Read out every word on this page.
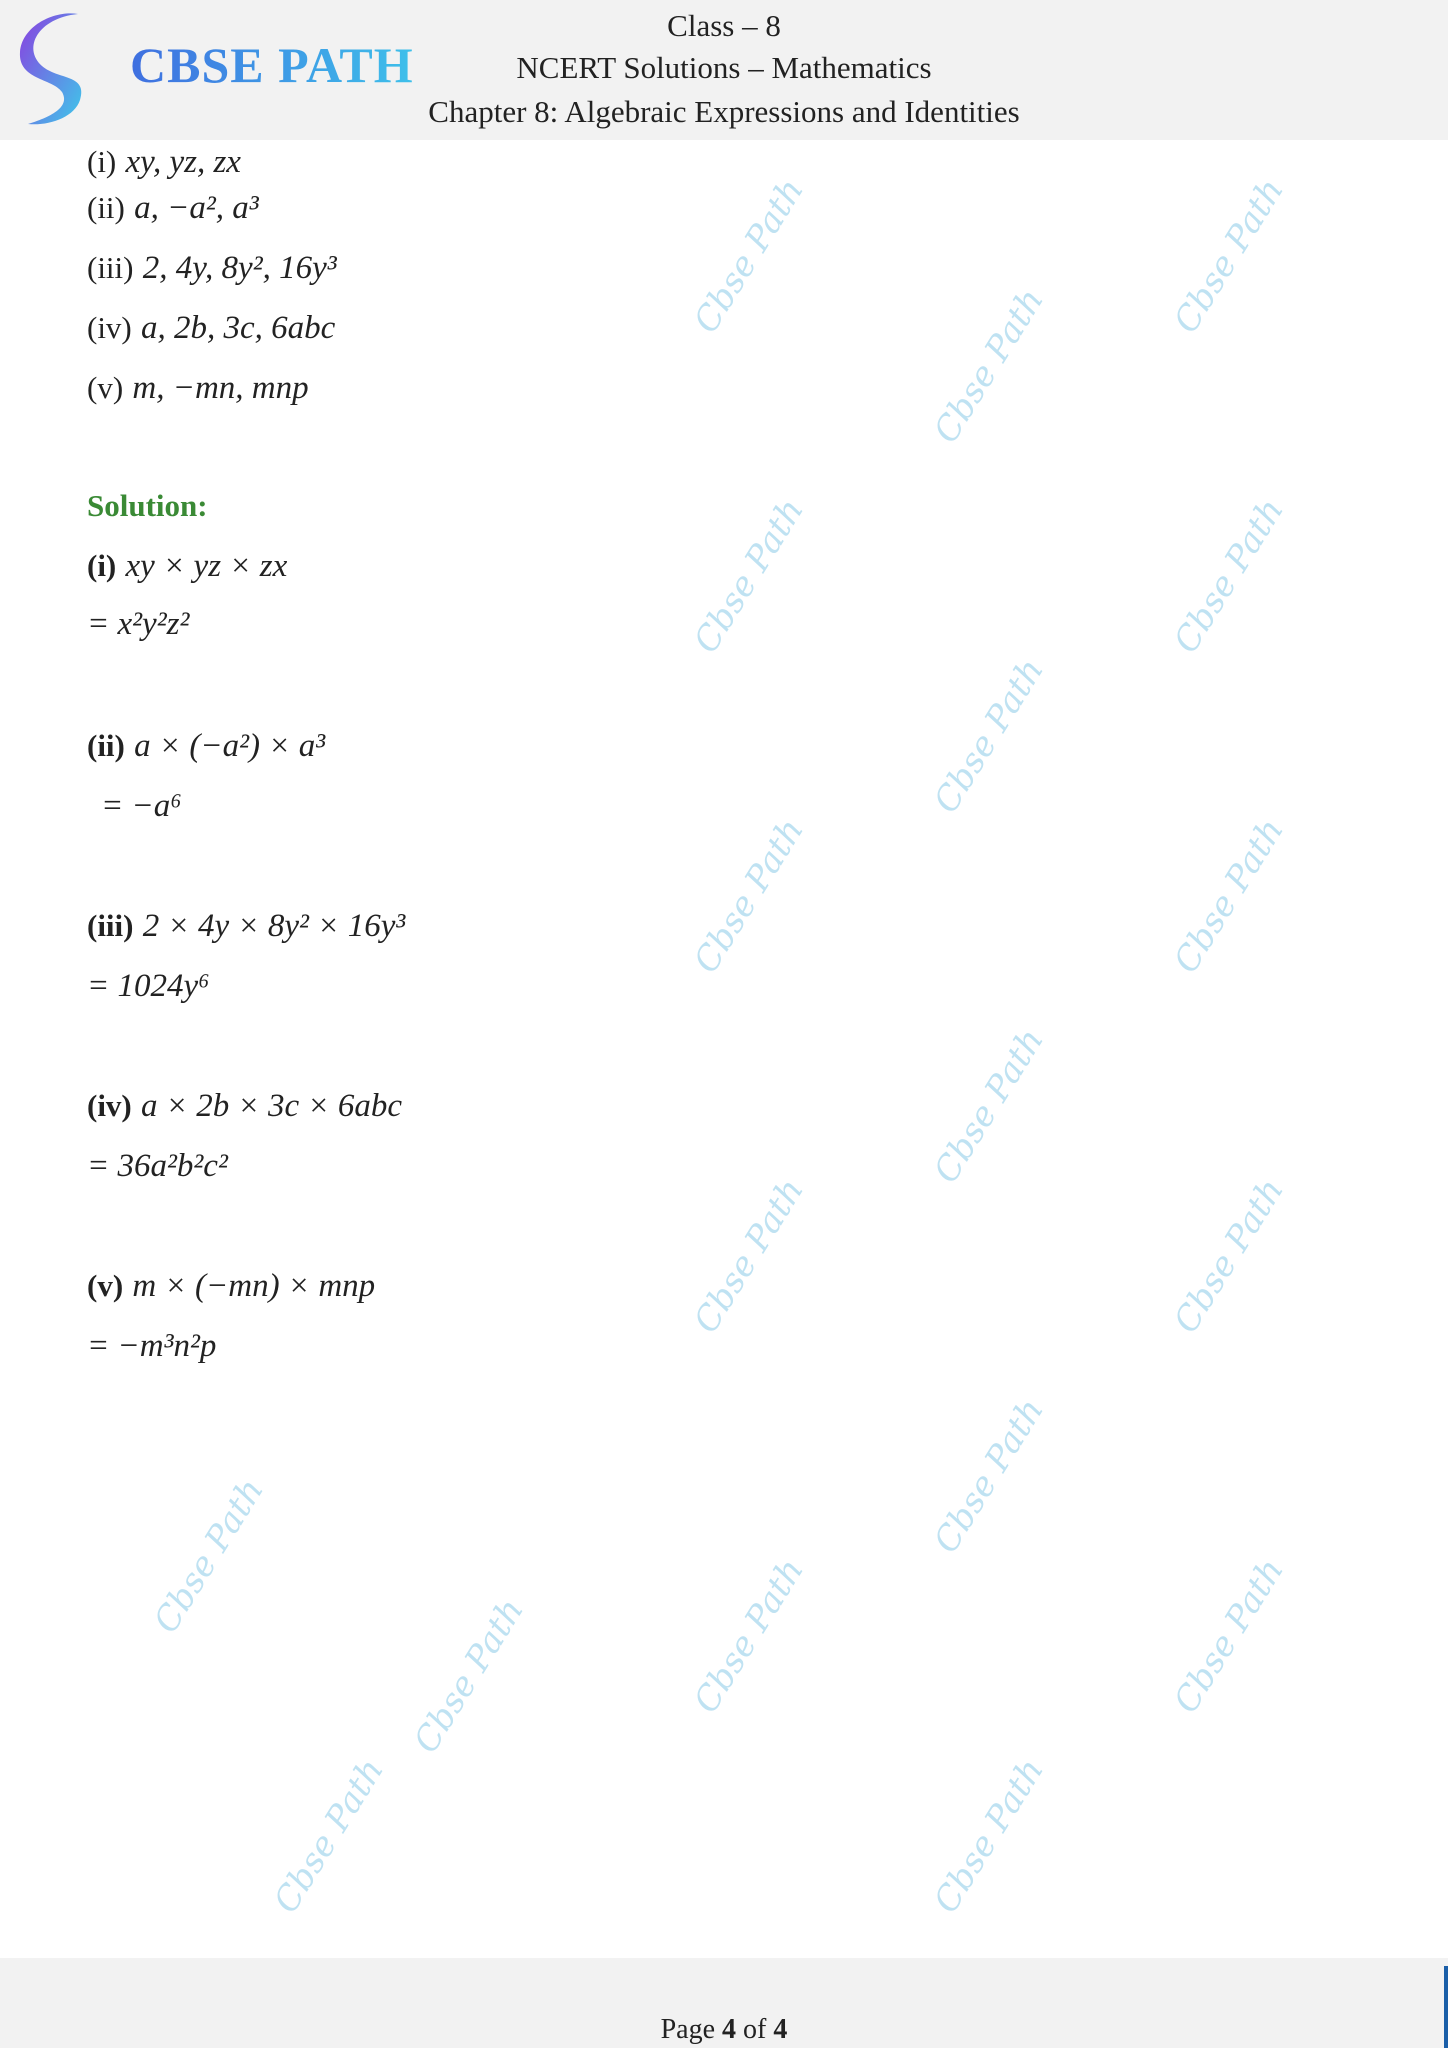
CBSE PATH
Class – 8
NCERT Solutions – Mathematics
Chapter 8: Algebraic Expressions and Identities
Cbse Path
Cbse Path
Cbse Path
Cbse Path	Cbse Path
Cbse Path
Cbse Path	Cbse Path
Cbse Path
Cbse Path	Cbse Path
Cbse Path
Cbse Path	Cbse Path
Cbse Path
Cbse Path
Cbse Path
Cbse Path
(i) xy, yz, zx
(ii) a, −a², a³
(iii) 2, 4y, 8y², 16y³
(iv) a, 2b, 3c, 6abc
(v) m, −mn, mnp
Solution:
(i) xy × yz × zx
= x²y²z²
(ii) a × (−a²) × a³
= −a⁶
(iii) 2 × 4y × 8y² × 16y³
= 1024y⁶
(iv) a × 2b × 3c × 6abc
= 36a²b²c²
(v) m × (−mn) × mnp
= −m³n²p
Page 4 of 4
